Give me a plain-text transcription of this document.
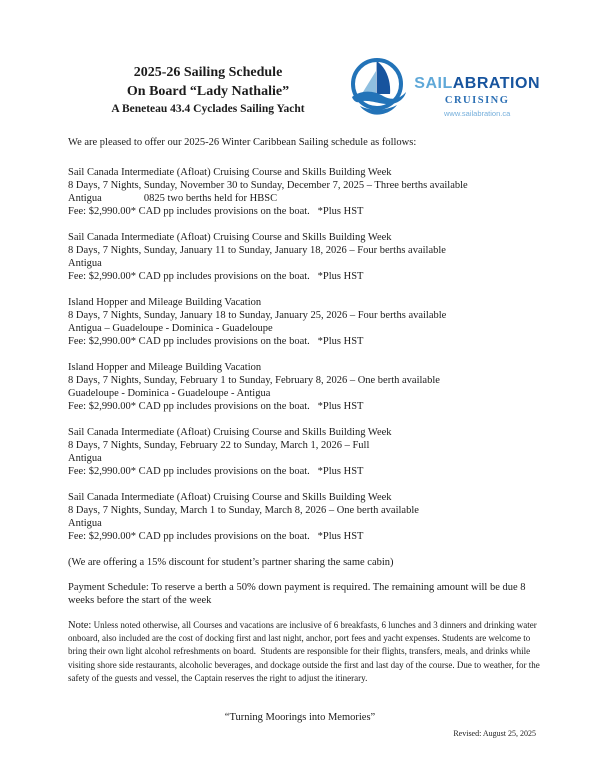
2025-26 Sailing Schedule

On Board “Lady Nathalie”

A Beneteau 43.4 Cyclades Sailing Yacht

SAILABRATION
CRUISING
www.sailabration.ca

We are pleased to offer our 2025-26 Winter Caribbean Sailing schedule as follows:

Sail Canada Intermediate (Afloat) Cruising Course and Skills Building Week

8 Days, 7 Nights, Sunday, November 30 to Sunday, December 7, 2025 – Three berths available

Antigua                0825 two berths held for HBSC

Fee: $2,990.00* CAD pp includes provisions on the boat.   *Plus HST

Sail Canada Intermediate (Afloat) Cruising Course and Skills Building Week

8 Days, 7 Nights, Sunday, January 11 to Sunday, January 18, 2026 – Four berths available

Antigua

Fee: $2,990.00* CAD pp includes provisions on the boat.   *Plus HST

Island Hopper and Mileage Building Vacation

8 Days, 7 Nights, Sunday, January 18 to Sunday, January 25, 2026 – Four berths available

Antigua – Guadeloupe - Dominica - Guadeloupe

Fee: $2,990.00* CAD pp includes provisions on the boat.   *Plus HST

Island Hopper and Mileage Building Vacation

8 Days, 7 Nights, Sunday, February 1 to Sunday, February 8, 2026 – One berth available

Guadeloupe - Dominica - Guadeloupe - Antigua

Fee: $2,990.00* CAD pp includes provisions on the boat.   *Plus HST

Sail Canada Intermediate (Afloat) Cruising Course and Skills Building Week

8 Days, 7 Nights, Sunday, February 22 to Sunday, March 1, 2026 – Full

Antigua

Fee: $2,990.00* CAD pp includes provisions on the boat.   *Plus HST

Sail Canada Intermediate (Afloat) Cruising Course and Skills Building Week

8 Days, 7 Nights, Sunday, March 1 to Sunday, March 8, 2026 – One berth available

Antigua

Fee: $2,990.00* CAD pp includes provisions on the boat.   *Plus HST

(We are offering a 15% discount for student’s partner sharing the same cabin)

Payment Schedule: To reserve a berth a 50% down payment is required. The remaining amount will be due 8 weeks before the start of the week

Note: Unless noted otherwise, all Courses and vacations are inclusive of 6 breakfasts, 6 lunches and 3 dinners and drinking water onboard, also included are the cost of docking first and last night, anchor, port fees and yacht expenses. Students are welcome to bring their own light alcohol refreshments on board.  Students are responsible for their flights, transfers, meals, and drinks while visiting shore side restaurants, alcoholic beverages, and dockage outside the first and last day of the course. Due to weather, for the safety of the guests and vessel, the Captain reserves the right to adjust the itinerary.

“Turning Moorings into Memories”

Revised: August 25, 2025
